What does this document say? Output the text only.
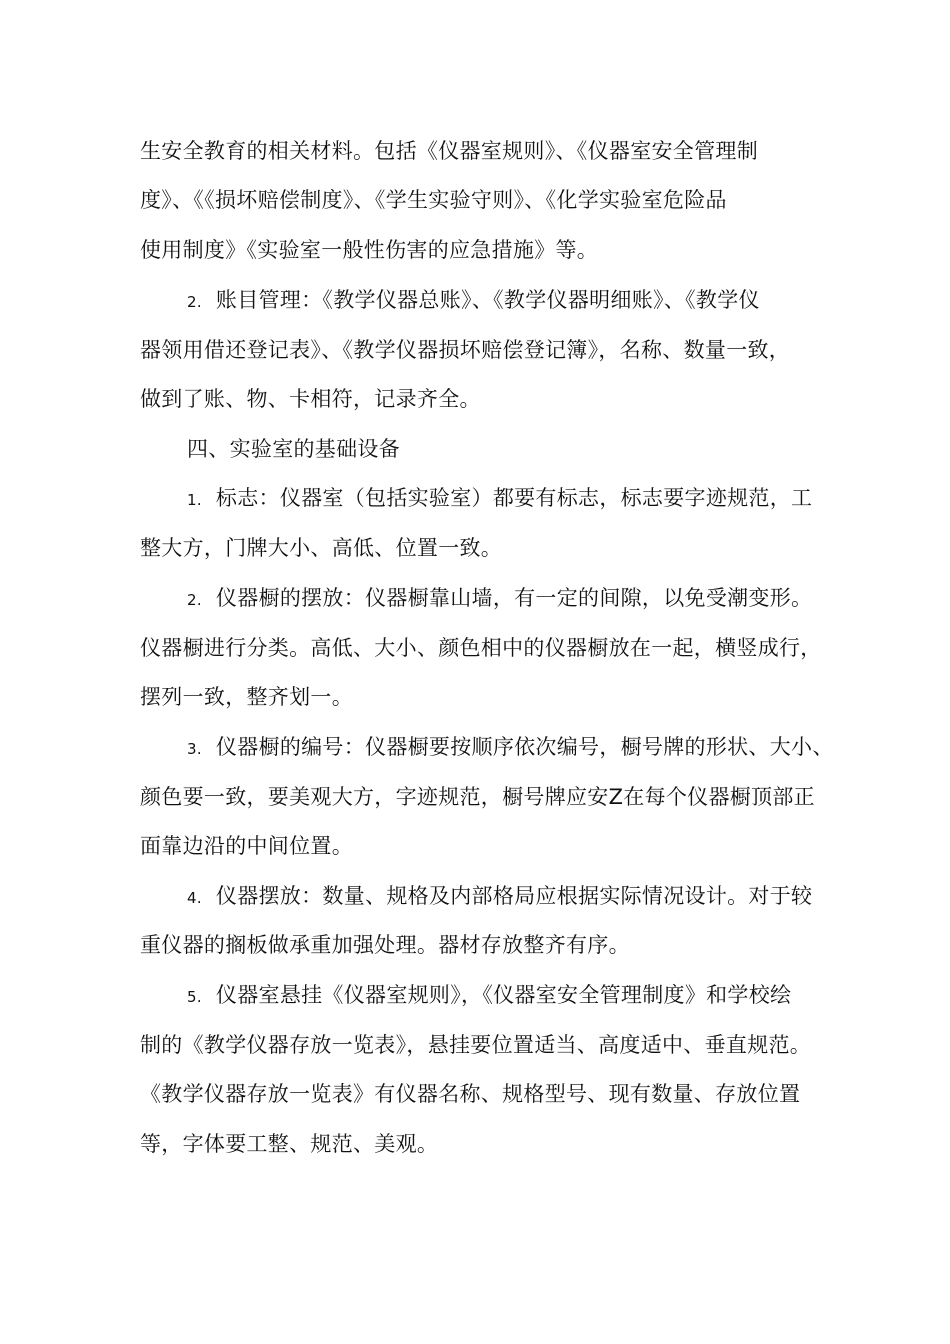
生安全教育的相关材料。包括《仪器室规则》、《仪器室安全管理制
度》、《《损坏赔偿制度》、《学生实验守则》、《化学实验室危险品
使用制度》《实验室一般性伤害的应急措施》等。
2. 账目管理：《教学仪器总账》、《教学仪器明细账》、《教学仪
器领用借还登记表》、《教学仪器损坏赔偿登记簿》，名称、数量一致，
做到了账、物、卡相符，记录齐全。
四、实验室的基础设备
1. 标志：仪器室（包括实验室）都要有标志，标志要字迹规范，工
整大方，门牌大小、高低、位置一致。
2. 仪器橱的摆放：仪器橱靠山墙，有一定的间隙，以免受潮变形。
仪器橱进行分类。高低、大小、颜色相中的仪器橱放在一起，横竖成行，
摆列一致，整齐划一。
3. 仪器橱的编号：仪器橱要按顺序依次编号，橱号牌的形状、大小、
颜色要一致，要美观大方，字迹规范，橱号牌应安Z在每个仪器橱顶部正
面靠边沿的中间位置。
4. 仪器摆放：数量、规格及内部格局应根据实际情况设计。对于较
重仪器的搁板做承重加强处理。器材存放整齐有序。
5. 仪器室悬挂《仪器室规则》，《仪器室安全管理制度》和学校绘
制的《教学仪器存放一览表》，悬挂要位置适当、高度适中、垂直规范。
《教学仪器存放一览表》有仪器名称、规格型号、现有数量、存放位置
等，字体要工整、规范、美观。
